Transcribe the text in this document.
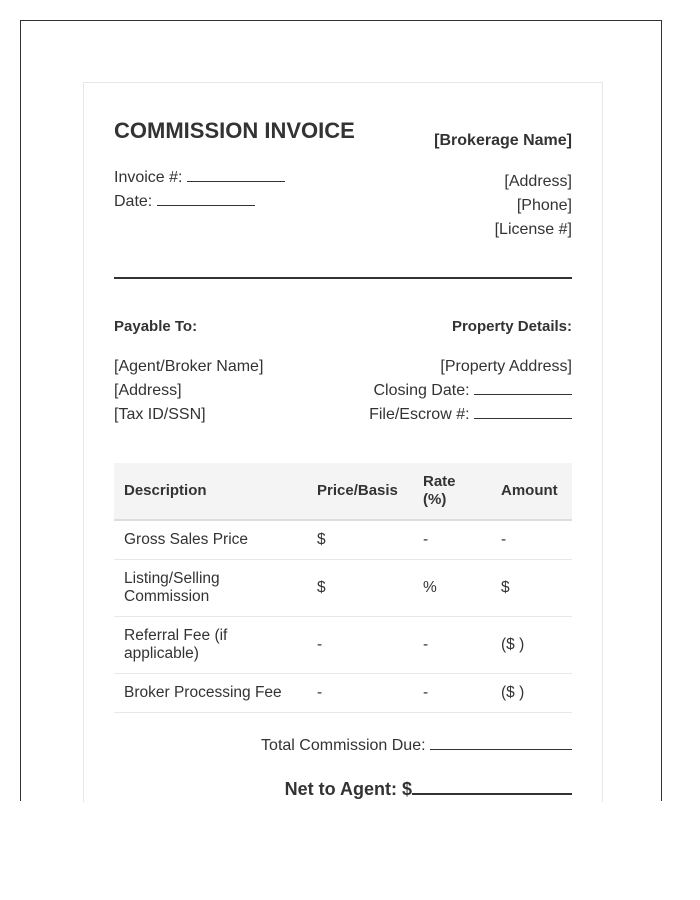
COMMISSION INVOICE	[Brokerage Name]
Invoice #:
Date:
[Address]
[Phone]
[License #]
Payable To:	Property Details:
[Agent/Broker Name]
[Address]
[Tax ID/SSN]
[Property Address]
Closing Date:
File/Escrow #:
Description	Price/Basis	Rate (%)	Amount
Gross Sales Price	$	-	-
Listing/Selling Commission	$	%	$
Referral Fee (if applicable)	-	-	($ )
Broker Processing Fee	-	-	($ )
Total Commission Due:
Net to Agent: $
